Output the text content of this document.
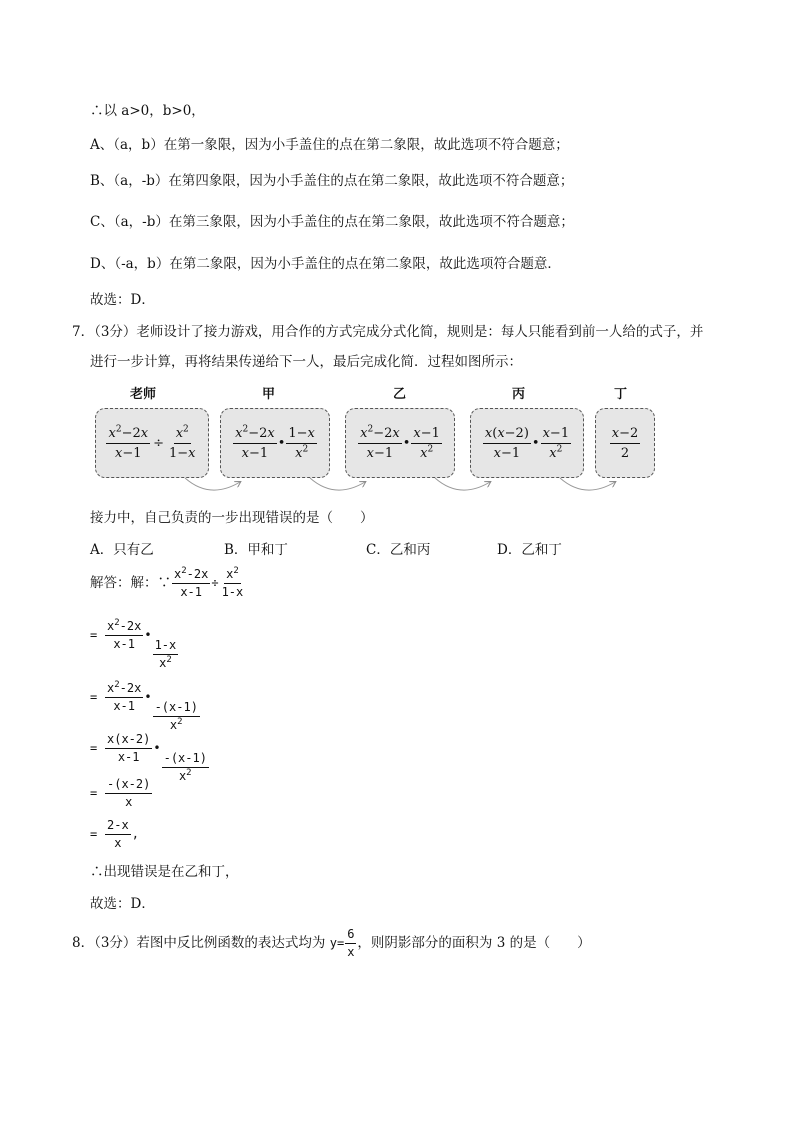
∴以 a>0，b>0，
A、（a，b）在第一象限，因为小手盖住的点在第二象限，故此选项不符合题意；
B、（a，-b）在第四象限，因为小手盖住的点在第二象限，故此选项不符合题意；
C、（a，-b）在第三象限，因为小手盖住的点在第二象限，故此选项不符合题意；
D、（-a，b）在第二象限，因为小手盖住的点在第二象限，故此选项符合题意．
故选：D．
7．（3分）老师设计了接力游戏，用合作的方式完成分式化简，规则是：每人只能看到前一人给的式子，并
进行一步计算，再将结果传递给下一人，最后完成化简．过程如图所示：
老师	甲	乙	丙	丁
$\frac{x^2-2x}{x-1} \div \frac{x^2}{1-x}$	$\frac{x^2-2x}{x-1}$ • $\frac{1-x}{x^2}$	$\frac{x^2-2x}{x-1}$ • $\frac{x-1}{x^2}$	$\frac{x(x-2)}{x-1}$ • $\frac{x-1}{x^2}$	$\frac{x-2}{2}$
接力中，自己负责的一步出现错误的是（　　）
A．只有乙	B．甲和丁	C．乙和丙	D．乙和丁
解答：解：∵ $\frac{x^2-2x}{x-1} \div \frac{x^2}{1-x}$
= $\frac{x^2-2x}{x-1}$ •
$\frac{1-x}{x^2}$
= $\frac{x^2-2x}{x-1}$ •
$\frac{-(x-1)}{x^2}$
= $\frac{x(x-2)}{x-1}$ •
$\frac{-(x-1)}{x^2}$
= $\frac{-(x-2)}{x}$
= $\frac{2-x}{x}$ ,
∴出现错误是在乙和丁，
故选：D．
8．（3分）若图中反比例函数的表达式均为 $y= \frac{6}{x}$ ，则阴影部分的面积为 3 的是（　　）
